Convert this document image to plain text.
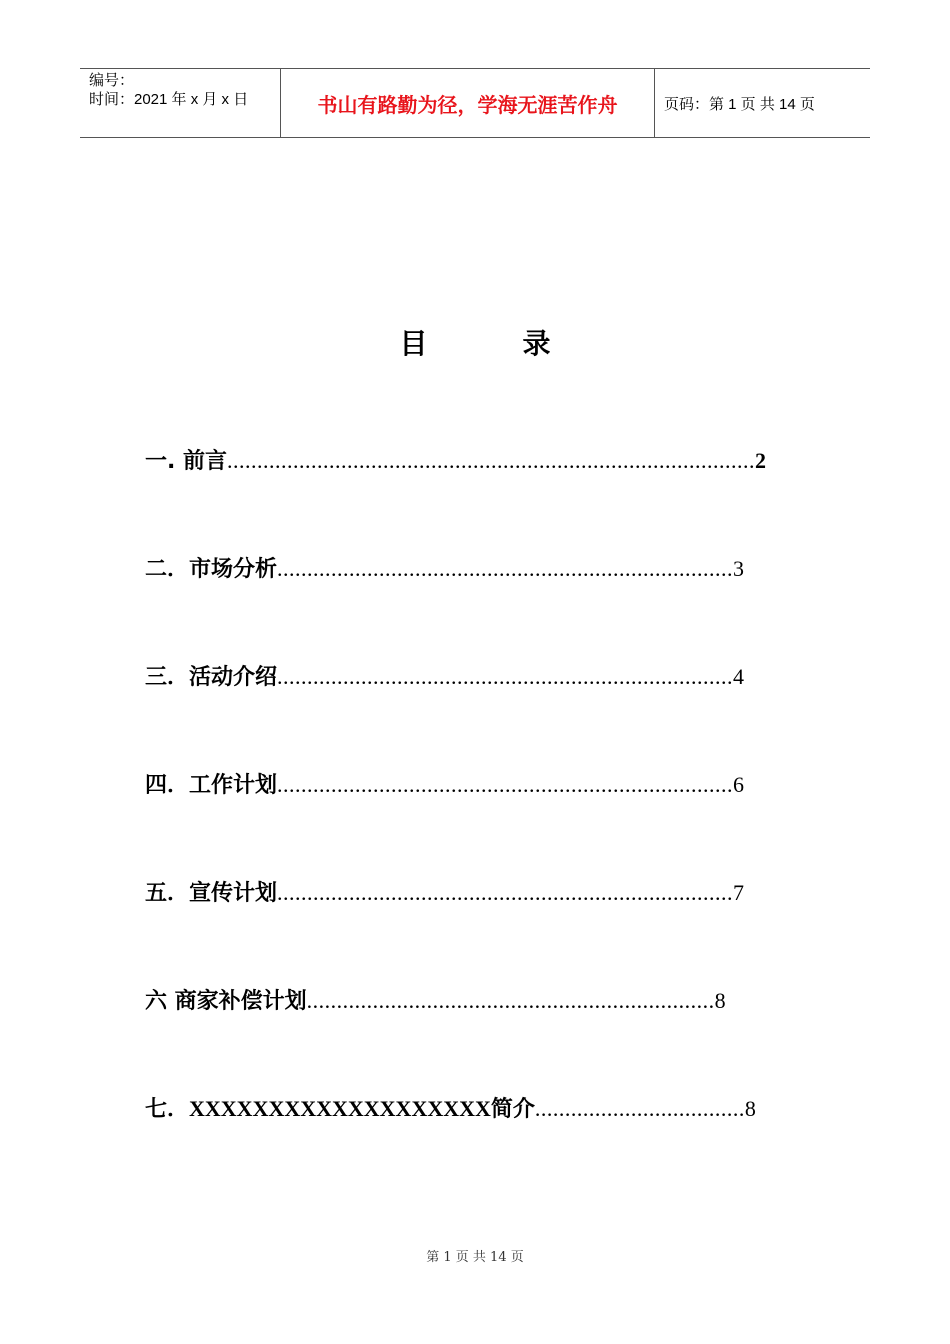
编号：
时间：2021 年 x 月 x 日	书山有路勤为径，学海无涯苦作舟	页码：第 1 页 共 14 页
目	录
一. 前言........................................................................................2
二．市场分析............................................................................3
三．活动介绍............................................................................4
四．工作计划............................................................................6
五．宣传计划............................................................................7
六 商家补偿计划....................................................................8
七．XXXXXXXXXXXXXXXXXXX简介...................................8
第 1 页 共 14 页
